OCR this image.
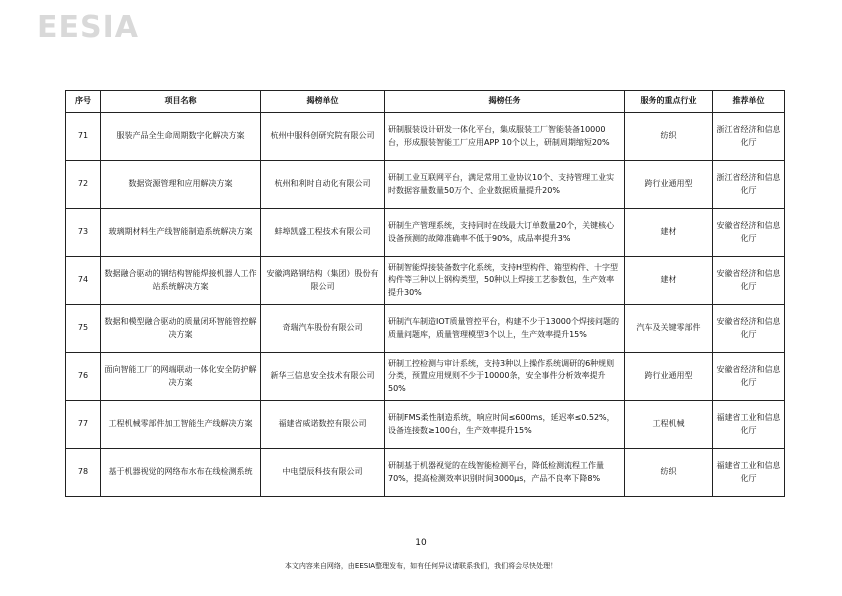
EESIA
序号	项目名称	揭榜单位	揭榜任务	服务的重点行业	推荐单位
71	服装产品全生命周期数字化解决方案	杭州中服科创研究院有限公司	研制服装设计研发一体化平台，集成服装工厂智能装备10000台，形成服装智能工厂应用APP 10个以上，研制周期缩短20%	纺织	浙江省经济和信息化厅
72	数据资源管理和应用解决方案	杭州和利时自动化有限公司	研制工业互联网平台，满足常用工业协议10个、支持管理工业实时数据容量数量50万个、企业数据质量提升20%	跨行业通用型	浙江省经济和信息化厅
73	玻璃期材料生产线智能制造系统解决方案	蚌埠凯盛工程技术有限公司	研制生产管理系统，支持同时在线最大订单数量20个，关键核心设备预测的故障准确率不低于90%，成品率提升3%	建材	安徽省经济和信息化厅
74	数据融合驱动的钢结构智能焊接机器人工作站系统解决方案	安徽鸿路钢结构（集团）股份有限公司	研制智能焊接装备数字化系统，支持H型构件、箱型构件、十字型构件等三种以上钢构类型，50种以上焊接工艺参数包，生产效率提升30%	建材	安徽省经济和信息化厅
75	数据和模型融合驱动的质量闭环智能管控解决方案	奇瑞汽车股份有限公司	研制汽车制造IOT质量管控平台，构建不少于13000个焊接问题的质量问题库，质量管理模型3个以上，生产效率提升15%	汽车及关键零部件	安徽省经济和信息化厅
76	面向智能工厂的网端联动一体化安全防护解决方案	新华三信息安全技术有限公司	研制工控检测与审计系统，支持3种以上操作系统调研的6种规则分类，预置应用规则不少于10000条，安全事件分析效率提升50%	跨行业通用型	安徽省经济和信息化厅
77	工程机械零部件加工智能生产线解决方案	福建省威诺数控有限公司	研制FMS柔性制造系统，响应时间≤600ms，延迟率≤0.52%，设备连接数≥100台，生产效率提升15%	工程机械	福建省工业和信息化厅
78	基于机器视觉的网络布水布在线检测系统	中电望辰科技有限公司	研制基于机器视觉的在线智能检测平台，降低检测流程工作量70%，提高检测效率识别时间3000μs，产品不良率下降8%	纺织	福建省工业和信息化厅
10
本文内容来自网络，由EESIA整理发布，如有任何异议请联系我们，我们将会尽快处理！
